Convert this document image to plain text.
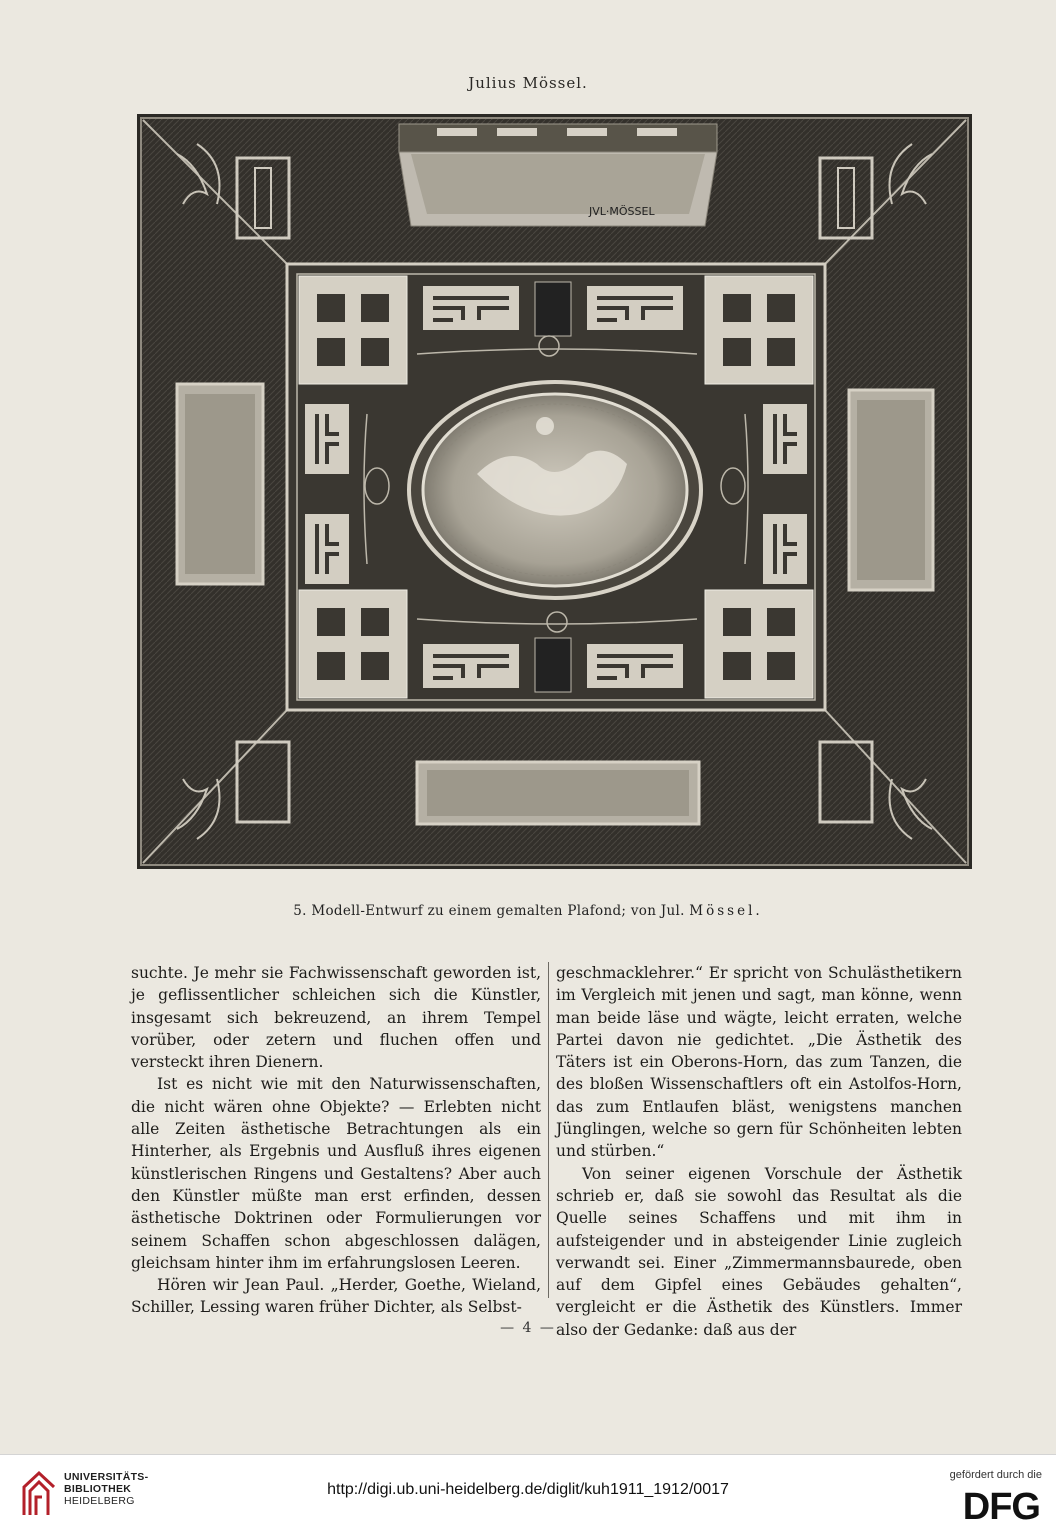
Julius Mössel.
JVL·MÖSSEL
5. Modell-Entwurf zu einem gemalten Plafond; von Jul. Mössel.

suchte. Je mehr sie Fachwissenschaft geworden ist, je geflissentlicher schleichen sich die Künstler, insgesamt sich bekreuzend, an ihrem Tempel vorüber, oder zetern und fluchen offen und versteckt ihren Dienern.

Ist es nicht wie mit den Naturwissenschaften, die nicht wären ohne Objekte? — Erlebten nicht alle Zeiten ästhetische Betrachtungen als ein Hinterher, als Ergebnis und Ausfluß ihres eigenen künstlerischen Ringens und Gestaltens? Aber auch den Künstler müßte man erst erfinden, dessen ästhetische Doktrinen oder Formulierungen vor seinem Schaffen schon abgeschlossen dalägen, gleichsam hinter ihm im erfahrungslosen Leeren.

Hören wir Jean Paul. „Herder, Goethe, Wieland, Schiller, Lessing waren früher Dichter, als Selbst-

geschmacklehrer.“ Er spricht von Schulästhetikern im Vergleich mit jenen und sagt, man könne, wenn man beide läse und wägte, leicht erraten, welche Partei davon nie gedichtet. „Die Ästhetik des Täters ist ein Oberons-Horn, das zum Tanzen, die des bloßen Wissenschaftlers oft ein Astolfos-Horn, das zum Entlaufen bläst, wenigstens manchen Jünglingen, welche so gern für Schönheiten lebten und stürben.“

Von seiner eigenen Vorschule der Ästhetik schrieb er, daß sie sowohl das Resultat als die Quelle seines Schaffens und mit ihm in aufsteigender und in absteigender Linie zugleich verwandt sei. Einer „Zimmermannsbaurede, oben auf dem Gipfel eines Gebäudes gehalten“, vergleicht er die Ästhetik des Künstlers. Immer also der Gedanke: daß aus der

— 4 —
UNIVERSITÄTS-
BIBLIOTHEK
HEIDELBERG
http://digi.ub.uni-heidelberg.de/diglit/kuh1911_1912/0017
gefördert durch die
DFG
